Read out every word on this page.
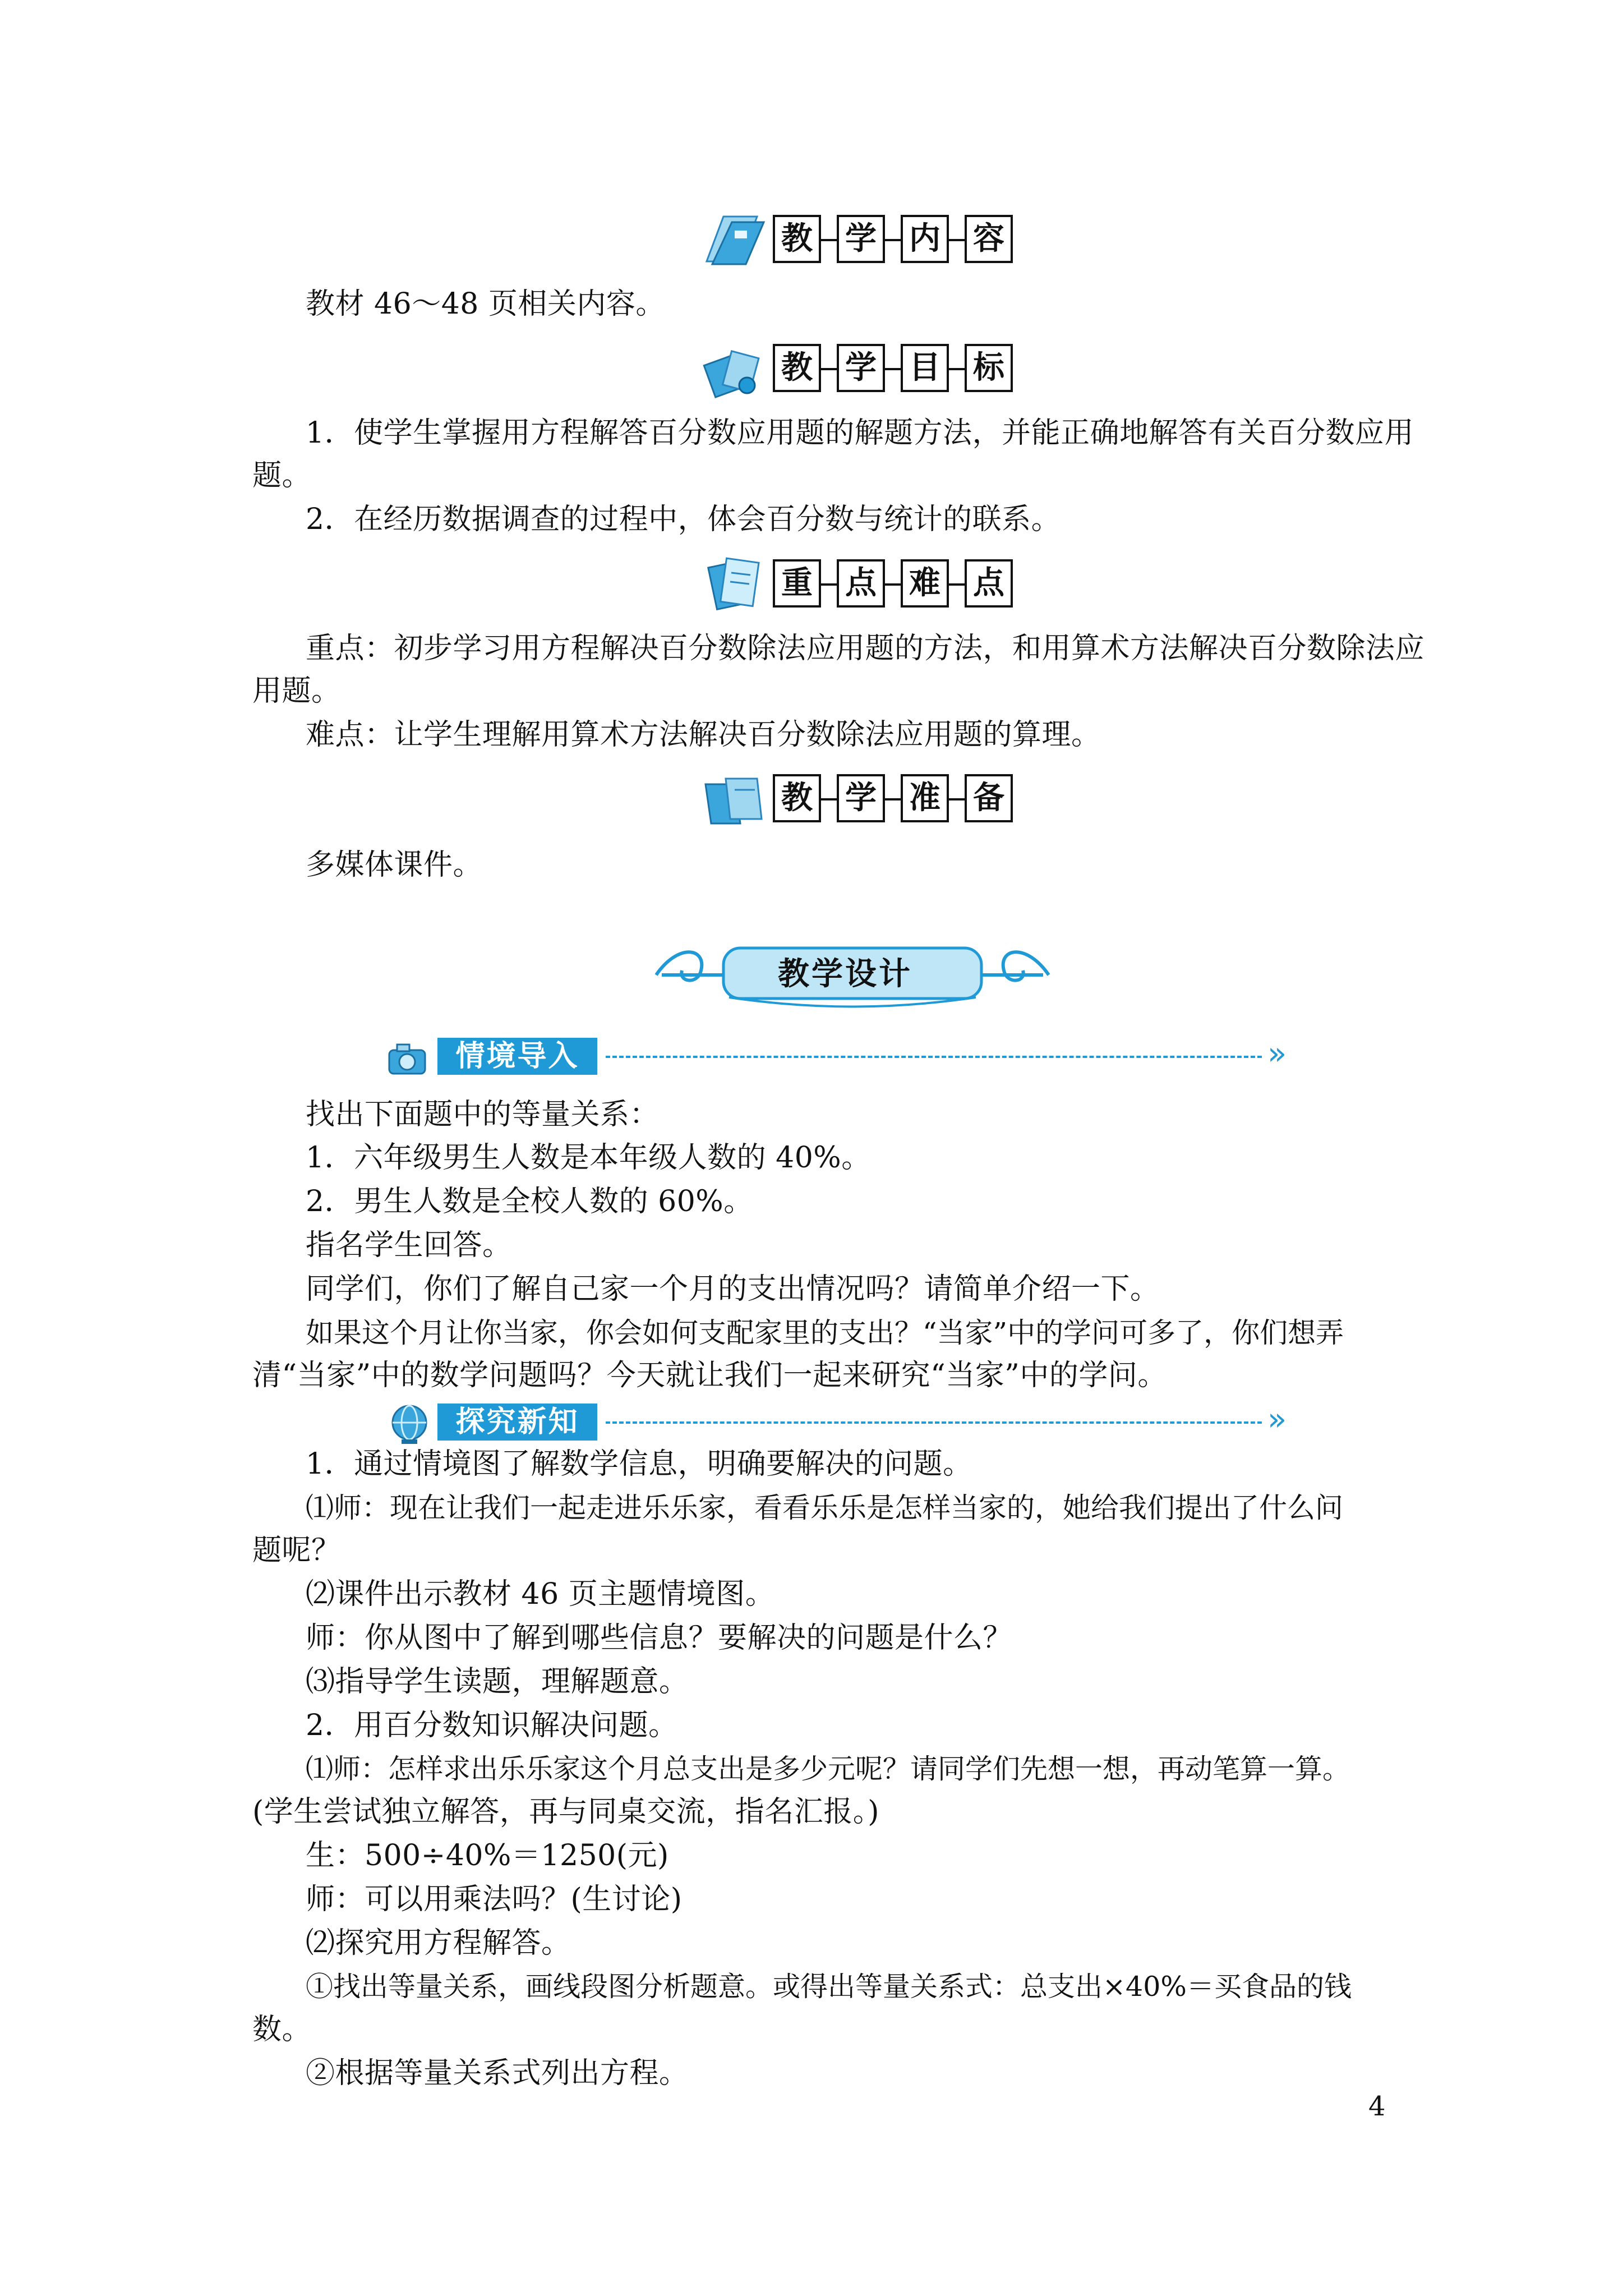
教 学 内 容

教材 46～48 页相关内容。

教 学 目 标

1．使学生掌握用方程解答百分数应用题的解题方法，并能正确地解答有关百分数应用

题。

2．在经历数据调查的过程中，体会百分数与统计的联系。

重 点 难 点

重点：初步学习用方程解决百分数除法应用题的方法，和用算术方法解决百分数除法应

用题。

难点：让学生理解用算术方法解决百分数除法应用题的算理。

教 学 准 备

多媒体课件。

教学设计
情境导入	»

找出下面题中的等量关系：

1．六年级男生人数是本年级人数的 40%。

2．男生人数是全校人数的 60%。

指名学生回答。

同学们，你们了解自己家一个月的支出情况吗？请简单介绍一下。

如果这个月让你当家，你会如何支配家里的支出？“当家”中的学问可多了，你们想弄

清“当家”中的数学问题吗？今天就让我们一起来研究“当家”中的学问。

探究新知	»

1．通过情境图了解数学信息，明确要解决的问题。

⑴师：现在让我们一起走进乐乐家，看看乐乐是怎样当家的，她给我们提出了什么问

题呢？

⑵课件出示教材 46 页主题情境图。

师：你从图中了解到哪些信息？要解决的问题是什么？

⑶指导学生读题，理解题意。

2．用百分数知识解决问题。

⑴师：怎样求出乐乐家这个月总支出是多少元呢？请同学们先想一想，再动笔算一算。

(学生尝试独立解答，再与同桌交流，指名汇报。)

生：500÷40%＝1250(元)

师：可以用乘法吗？(生讨论)

⑵探究用方程解答。

①找出等量关系，画线段图分析题意。或得出等量关系式：总支出×40%＝买食品的钱

数。

②根据等量关系式列出方程。

4
